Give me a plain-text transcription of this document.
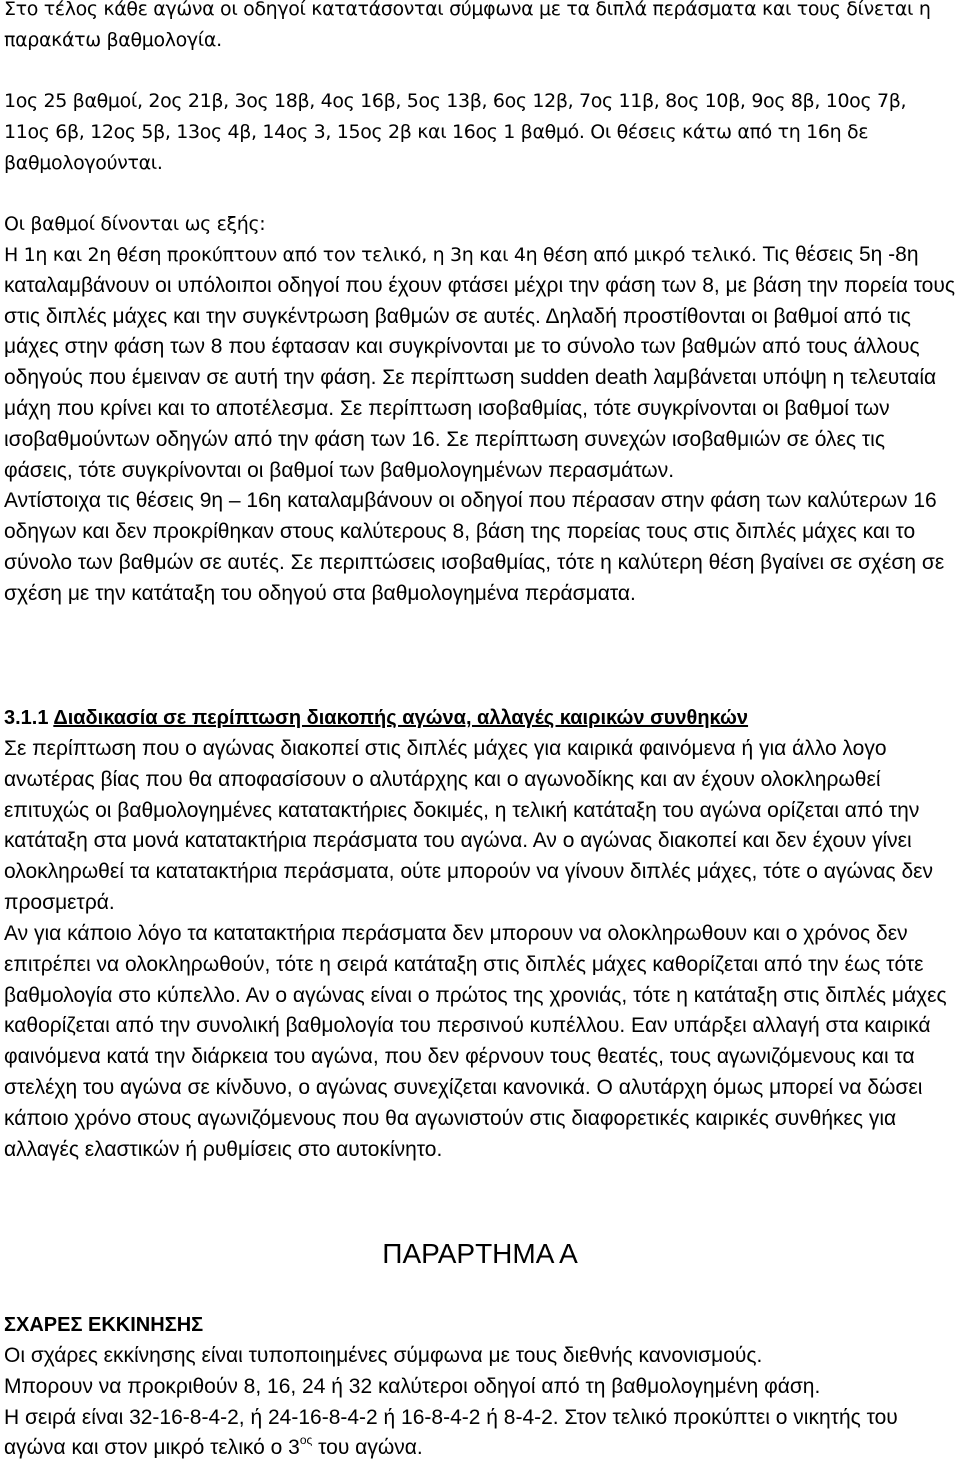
Στο τέλος κάθε αγώνα οι οδηγοί κατατάσονται σύμφωνα με τα διπλά περάσματα και τους δίνεται η παρακάτω βαθμολογία.

1ος 25 βαθμοί, 2ος 21β, 3ος 18β, 4ος 16β, 5ος 13β, 6ος 12β, 7ος 11β, 8ος 10β, 9ος 8β, 10ος 7β, 11ος 6β, 12ος 5β, 13ος 4β, 14ος 3, 15ος 2β και 16ος 1 βαθμό. Οι θέσεις κάτω από τη 16η δε βαθμολογούνται.

Οι βαθμοί δίνονται ως εξής:

Η 1η και 2η θέση προκύπτουν από τον τελικό, η 3η και 4η θέση από μικρό τελικό. Τις θέσεις 5η -8η καταλαμβάνουν οι υπόλοιποι οδηγοί που έχουν φτάσει μέχρι την φάση των 8, με βάση την πορεία τους στις διπλές μάχες και την συγκέντρωση βαθμών σε αυτές. Δηλαδή προστίθονται οι βαθμοί από τις μάχες στην φάση των 8 που έφτασαν και συγκρίνονται με το σύνολο των βαθμών από τους άλλους οδηγούς που έμειναν σε αυτή την φάση. Σε περίπτωση sudden death λαμβάνεται υπόψη η τελευταία μάχη που κρίνει και το αποτέλεσμα. Σε περίπτωση ισοβαθμίας, τότε συγκρίνονται οι βαθμοί των ισοβαθμούντων οδηγών από την φάση των 16. Σε περίπτωση συνεχών ισοβαθμιών σε όλες τις φάσεις, τότε συγκρίνονται οι βαθμοί των βαθμολογημένων περασμάτων.

Αντίστοιχα τις θέσεις 9η – 16η καταλαμβάνουν οι οδηγοί που πέρασαν στην φάση των καλύτερων 16 οδηγων και δεν προκρίθηκαν στους καλύτερους 8, βάση της πορείας τους στις διπλές μάχες και το σύνολο των βαθμών σε αυτές. Σε περιπτώσεις ισοβαθμίας, τότε η καλύτερη θέση βγαίνει σε σχέση σε σχέση με την κατάταξη του οδηγού στα βαθμολογημένα περάσματα.

3.1.1 Διαδικασία σε περίπτωση διακοπής αγώνα, αλλαγές καιρικών συνθηκών

Σε περίπτωση που ο αγώνας διακοπεί στις διπλές μάχες για καιρικά φαινόμενα ή για άλλο λογο ανωτέρας βίας που θα αποφασίσουν ο αλυτάρχης και ο αγωνοδίκης και αν έχουν ολοκληρωθεί επιτυχώς οι βαθμολογημένες κατατακτήριες δοκιμές, η τελική κατάταξη του αγώνα ορίζεται από την κατάταξη στα μονά κατατακτήρια περάσματα του αγώνα. Αν ο αγώνας διακοπεί και δεν έχουν γίνει ολοκληρωθεί τα κατατακτήρια περάσματα, ούτε μπορούν να γίνουν διπλές μάχες, τότε ο αγώνας δεν προσμετρά.

Αν για κάποιο λόγο τα κατατακτήρια περάσματα δεν μπορουν να ολοκληρωθουν και ο χρόνος δεν επιτρέπει να ολοκληρωθούν, τότε η σειρά κατάταξη στις διπλές μάχες καθορίζεται από την έως τότε βαθμολογία στο κύπελλο. Αν ο αγώνας είναι ο πρώτος της χρονιάς, τότε η κατάταξη στις διπλές μάχες καθορίζεται από την συνολική βαθμολογία του περσινού κυπέλλου. Εαν υπάρξει αλλαγή στα καιρικά φαινόμενα κατά την διάρκεια του αγώνα, που δεν φέρνουν τους θεατές, τους αγωνιζόμενους και τα στελέχη του αγώνα σε κίνδυνο, ο αγώνας συνεχίζεται κανονικά. Ο αλυτάρχη όμως μπορεί να δώσει κάποιο χρόνο στους αγωνιζόμενους που θα αγωνιστούν στις διαφορετικές καιρικές συνθήκες για αλλαγές ελαστικών ή ρυθμίσεις στο αυτοκίνητο.

ΠΑΡΑΡΤΗΜΑ Α
ΣΧΑΡΕΣ ΕΚΚΙΝΗΣΗΣ

Οι σχάρες εκκίνησης είναι τυποποιημένες σύμφωνα με τους διεθνής κανονισμούς.

Μπορουν να προκριθούν 8, 16, 24 ή 32 καλύτεροι οδηγοί από τη βαθμολογημένη φάση.

Η σειρά είναι 32-16-8-4-2, ή 24-16-8-4-2 ή 16-8-4-2 ή 8-4-2. Στον τελικό προκύπτει ο νικητής του αγώνα και στον μικρό τελικό ο $3^{o\varsigma}$ του αγώνα.
